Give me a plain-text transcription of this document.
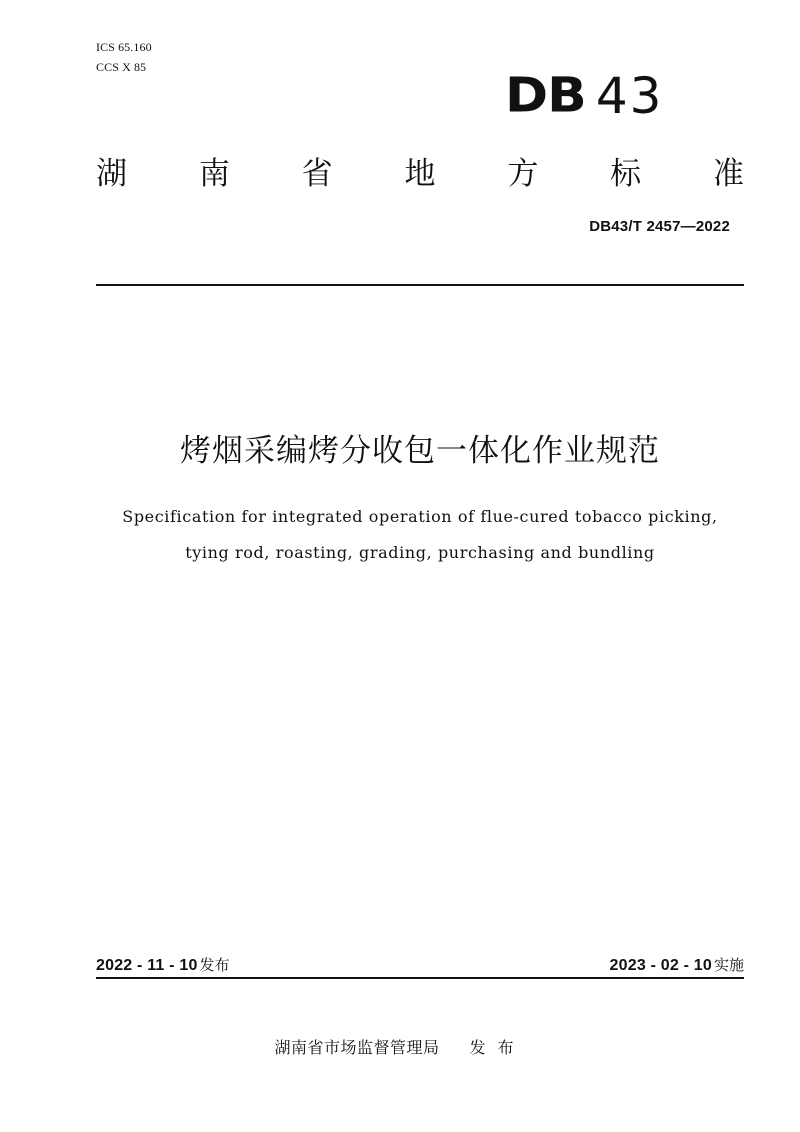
ICS 65.160
CCS X 85
DB 43
湖 南 省 地 方 标 准
DB43/T 2457—2022
烤烟采编烤分收包一体化作业规范
Specification for integrated operation of flue-cured tobacco picking,
tying rod, roasting, grading, purchasing and bundling
2022 - 11 - 10 发布	2023 - 02 - 10 实施
湖南省市场监督管理局 发布
